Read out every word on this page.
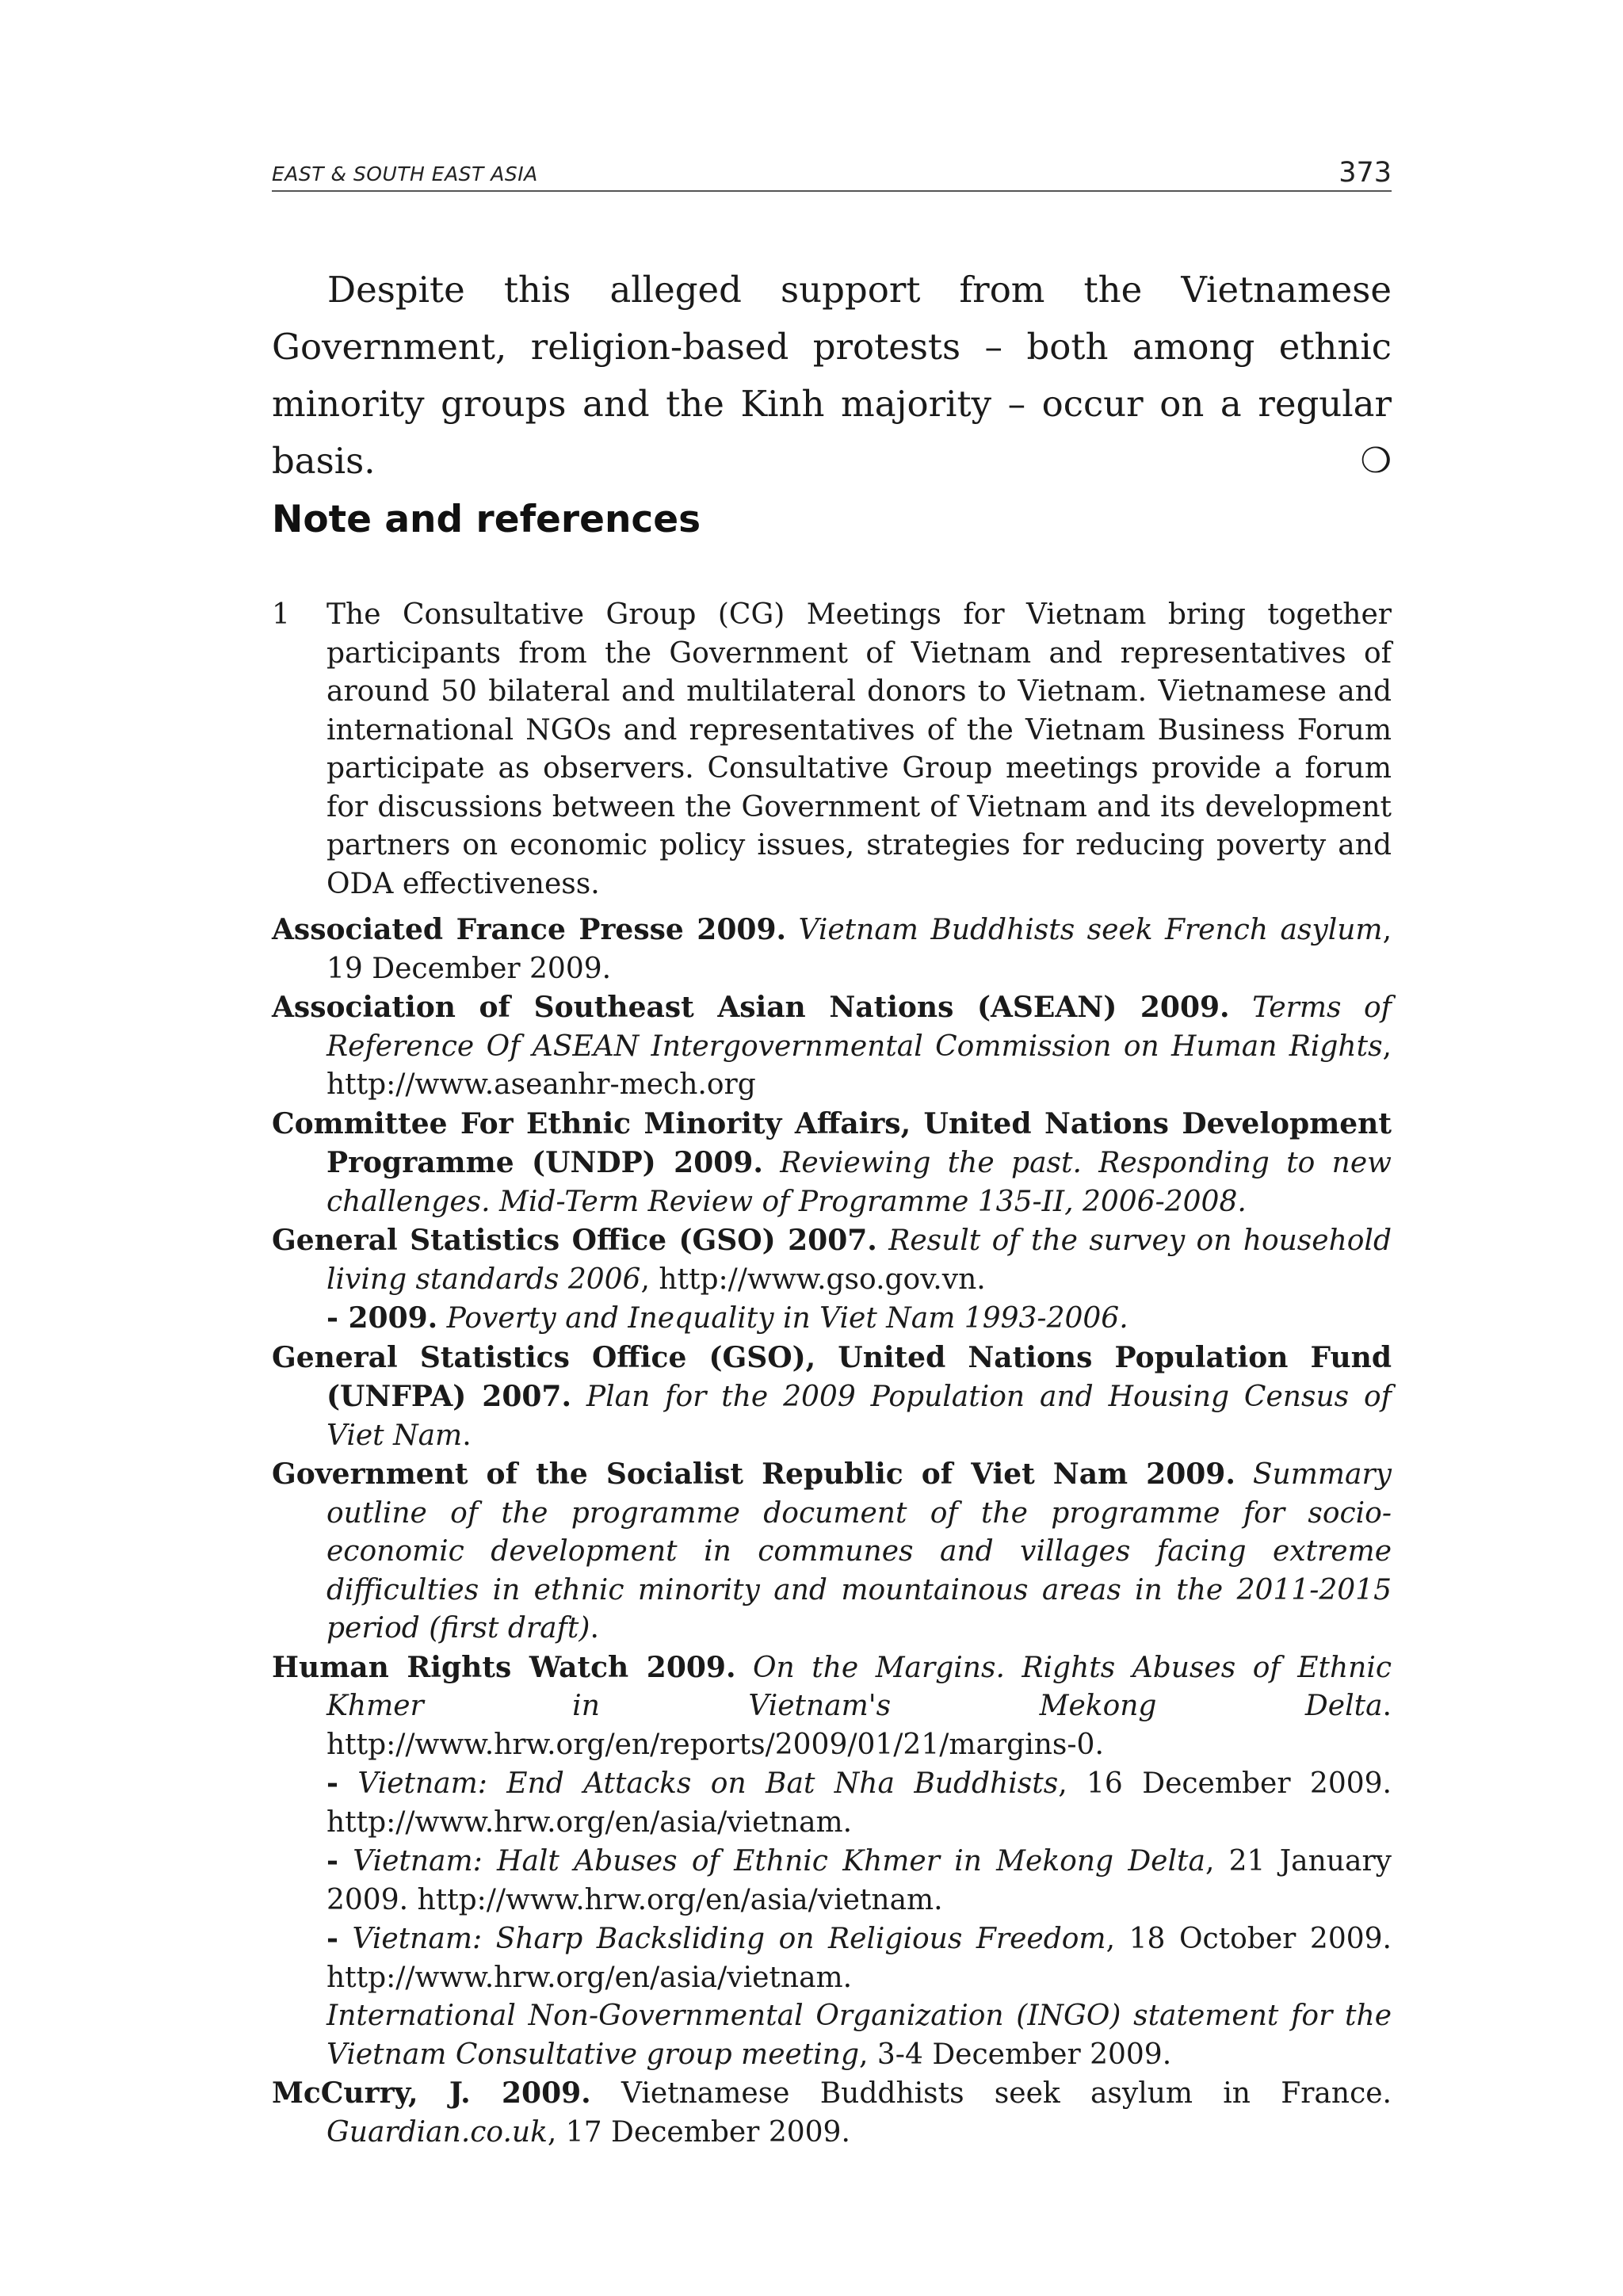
EAST & SOUTH EAST ASIA	373
Despite this alleged support from the Vietnamese Government, religion-based protests – both among ethnic minority groups and the Kinh majority – occur on a regular basis.	❍
Note and references
1 The Consultative Group (CG) Meetings for Vietnam bring together participants from the Government of Vietnam and representatives of around 50 bilateral and multilateral donors to Vietnam. Vietnamese and international NGOs and representatives of the Vietnam Business Forum participate as observers. Consultative Group meetings provide a forum for discussions between the Government of Vietnam and its development partners on economic policy issues, strategies for reducing poverty and ODA effectiveness.
Associated France Presse 2009. Vietnam Buddhists seek French asylum, 19 December 2009.
Association of Southeast Asian Nations (ASEAN) 2009. Terms of Reference Of ASEAN Intergovernmental Commission on Human Rights, http://www.aseanhr-mech.org
Committee For Ethnic Minority Affairs, United Nations Development Programme (UNDP) 2009. Reviewing the past. Responding to new challenges. Mid-Term Review of Programme 135-II, 2006-2008.
General Statistics Office (GSO) 2007. Result of the survey on household living standards 2006, http://www.gso.gov.vn.
- 2009. Poverty and Inequality in Viet Nam 1993-2006.
General Statistics Office (GSO), United Nations Population Fund (UNFPA) 2007. Plan for the 2009 Population and Housing Census of Viet Nam.
Government of the Socialist Republic of Viet Nam 2009. Summary outline of the programme document of the programme for socio-economic development in communes and villages facing extreme difficulties in ethnic minority and mountainous areas in the 2011-2015 period (first draft).
Human Rights Watch 2009. On the Margins. Rights Abuses of Ethnic Khmer in Vietnam's Mekong Delta. http://www.hrw.org/en/reports/2009/01/21/margins-0.
- Vietnam: End Attacks on Bat Nha Buddhists, 16 December 2009. http://www.hrw.org/en/asia/vietnam.
- Vietnam: Halt Abuses of Ethnic Khmer in Mekong Delta, 21 January 2009. http://www.hrw.org/en/asia/vietnam.
- Vietnam: Sharp Backsliding on Religious Freedom, 18 October 2009. http://www.hrw.org/en/asia/vietnam.
International Non-Governmental Organization (INGO) statement for the Vietnam Consultative group meeting, 3-4 December 2009.
McCurry, J. 2009. Vietnamese Buddhists seek asylum in France. Guardian.co.uk, 17 December 2009.
